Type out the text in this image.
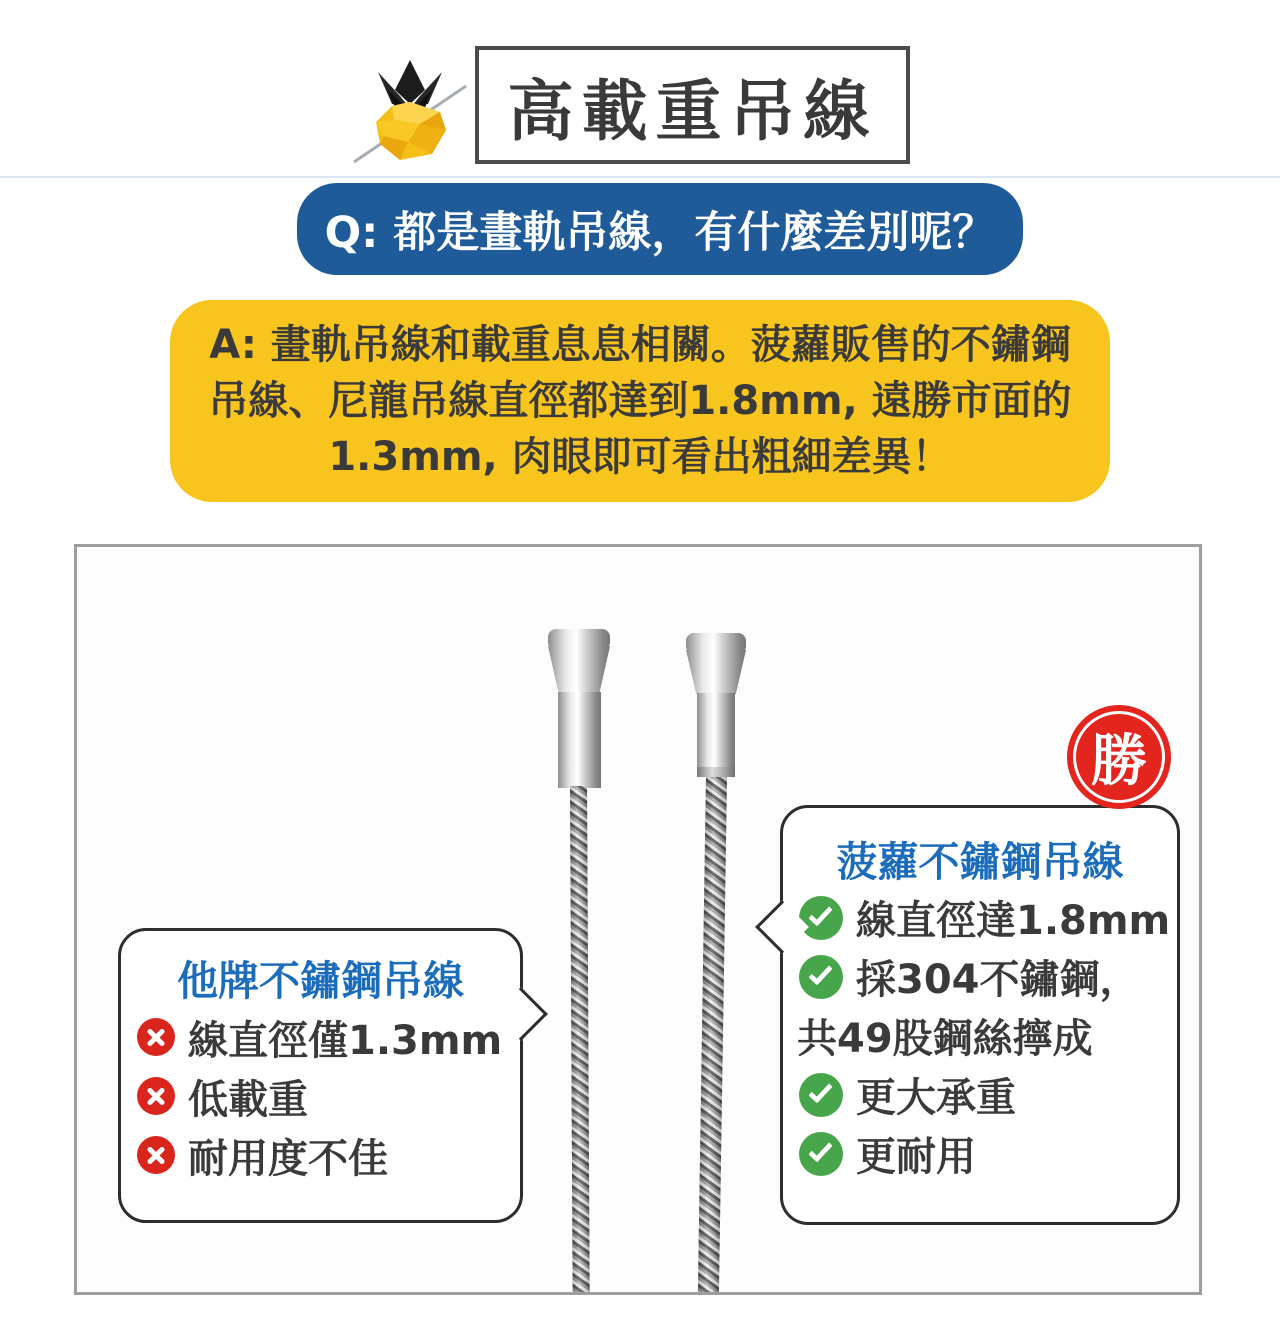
高載重吊線
Q: 都是畫軌吊線，有什麼差別呢？
A: 畫軌吊線和載重息息相關。菠蘿販售的不鏽鋼
吊線、尼龍吊線直徑都達到1.8mm, 遠勝市面的
1.3mm, 肉眼即可看出粗細差異！
勝
他牌不鏽鋼吊線
線直徑僅1.3mm
低載重
耐用度不佳
菠蘿不鏽鋼吊線
線直徑達1.8mm
採304不鏽鋼，
共49股鋼絲擰成
更大承重
更耐用
